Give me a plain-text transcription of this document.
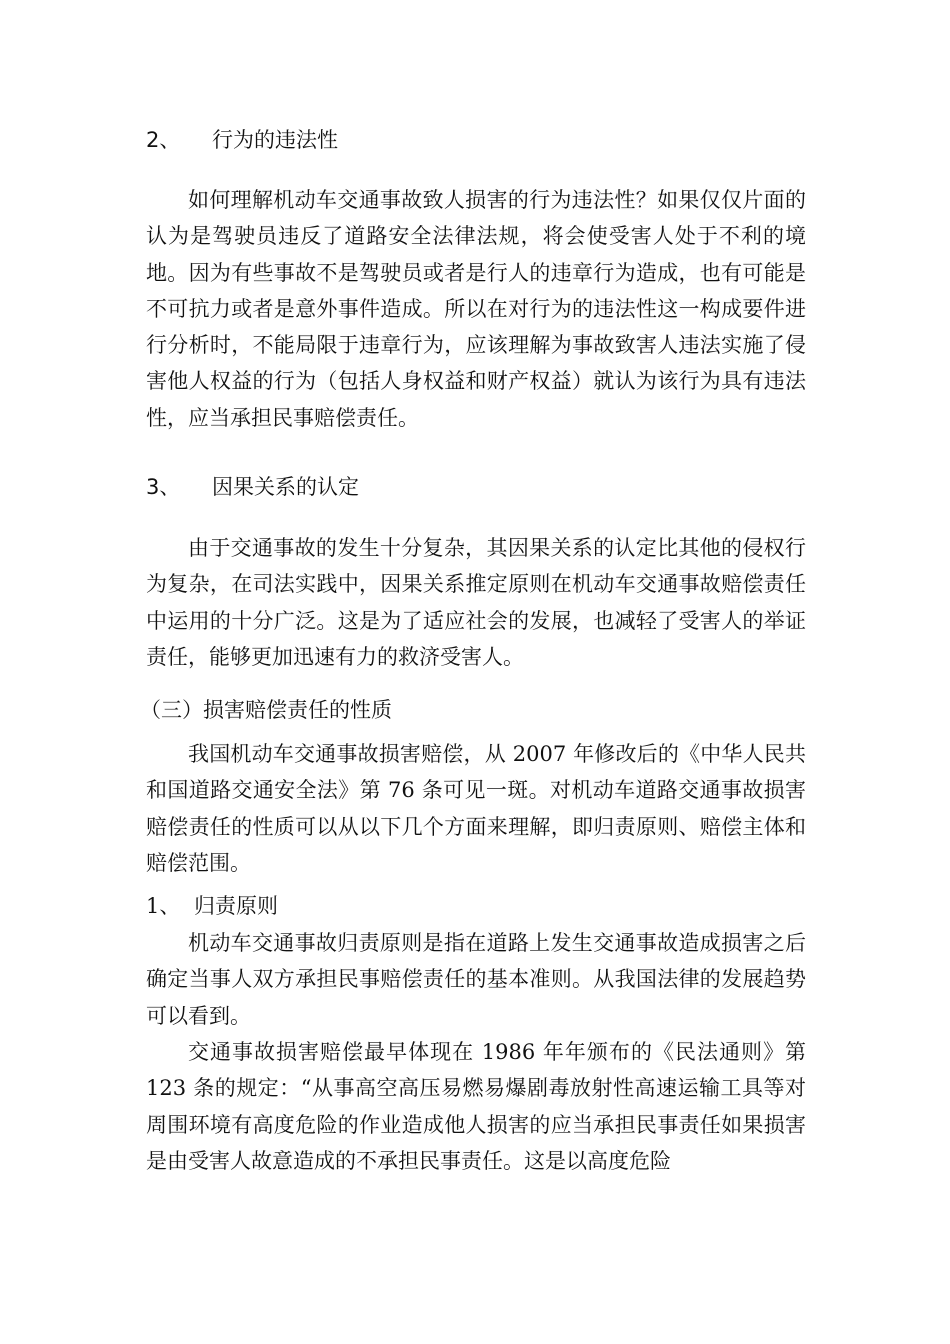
2、 行为的违法性

如何理解机动车交通事故致人损害的行为违法性？如果仅仅片面的认为是驾驶员违反了道路安全法律法规，将会使受害人处于不利的境地。因为有些事故不是驾驶员或者是行人的违章行为造成，也有可能是不可抗力或者是意外事件造成。所以在对行为的违法性这一构成要件进行分析时，不能局限于违章行为，应该理解为事故致害人违法实施了侵害他人权益的行为（包括人身权益和财产权益）就认为该行为具有违法性，应当承担民事赔偿责任。

3、 因果关系的认定

由于交通事故的发生十分复杂，其因果关系的认定比其他的侵权行为复杂，在司法实践中，因果关系推定原则在机动车交通事故赔偿责任中运用的十分广泛。这是为了适应社会的发展，也减轻了受害人的举证责任，能够更加迅速有力的救济受害人。

（三）损害赔偿责任的性质

我国机动车交通事故损害赔偿，从 2007 年修改后的《中华人民共和国道路交通安全法》第 76 条可见一斑。对机动车道路交通事故损害赔偿责任的性质可以从以下几个方面来理解，即归责原则、赔偿主体和赔偿范围。

1、 归责原则

机动车交通事故归责原则是指在道路上发生交通事故造成损害之后确定当事人双方承担民事赔偿责任的基本准则。从我国法律的发展趋势可以看到。

交通事故损害赔偿最早体现在 1986 年年颁布的《民法通则》第 123 条的规定：“从事高空高压易燃易爆剧毒放射性高速运输工具等对周围环境有高度危险的作业造成他人损害的应当承担民事责任如果损害是由受害人故意造成的不承担民事责任。这是以高度危险
